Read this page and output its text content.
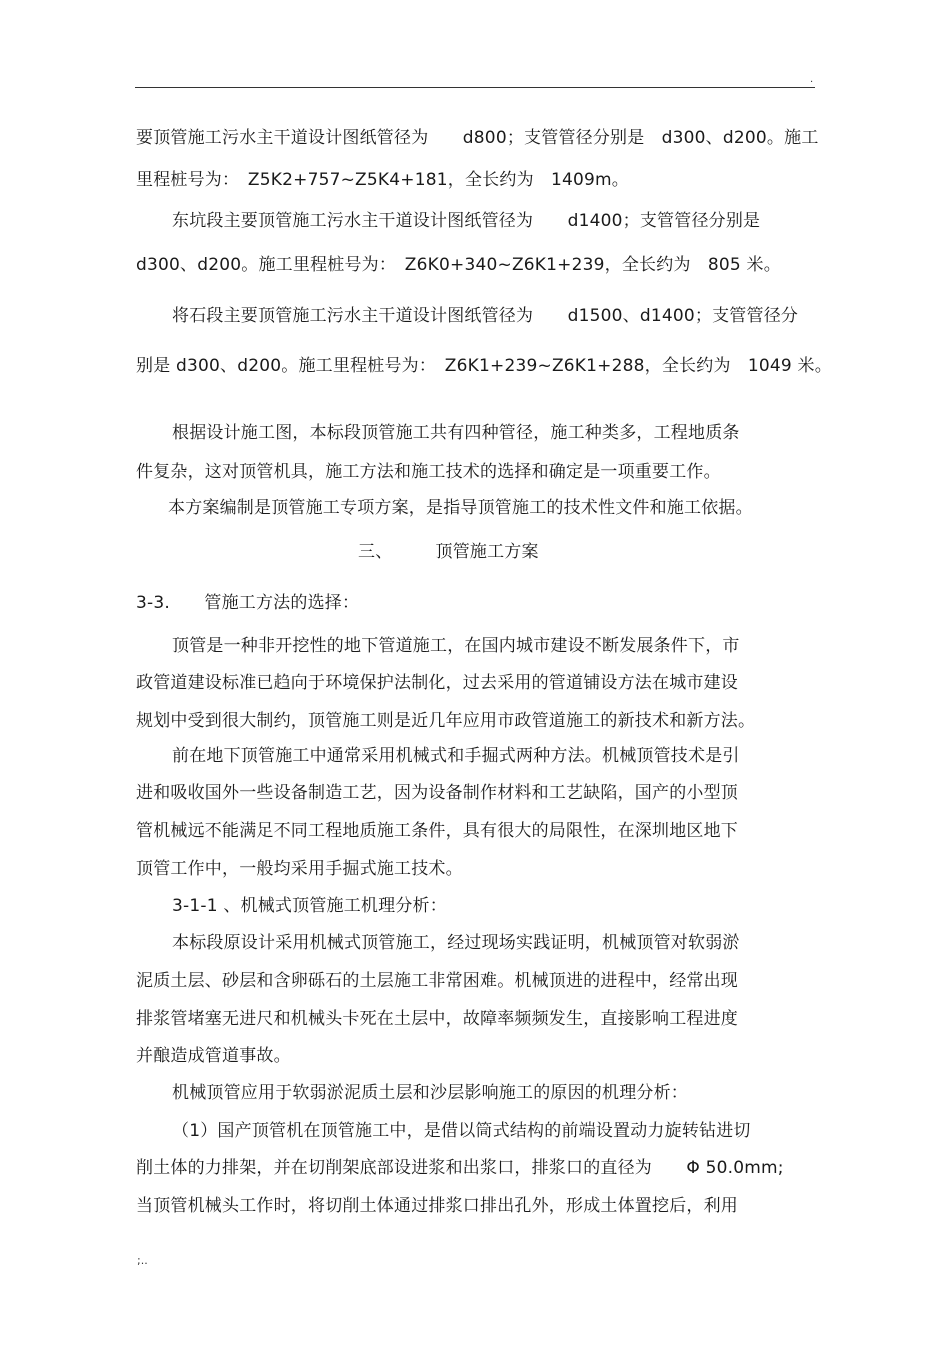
.
要顶管施工污水主干道设计图纸管径为　　d800；支管管径分别是　d300、d200。施工
里程桩号为：　Z5K2+757~Z5K4+181，全长约为　1409m。
东坑段主要顶管施工污水主干道设计图纸管径为　　d1400；支管管径分别是
d300、d200。施工里程桩号为：　Z6K0+340~Z6K1+239，全长约为　805 米。
将石段主要顶管施工污水主干道设计图纸管径为　　d1500、d1400；支管管径分
别是 d300、d200。施工里程桩号为：　Z6K1+239~Z6K1+288，全长约为　1049 米。
根据设计施工图，本标段顶管施工共有四种管径，施工种类多，工程地质条
件复杂，这对顶管机具，施工方法和施工技术的选择和确定是一项重要工作。
本方案编制是顶管施工专项方案，是指导顶管施工的技术性文件和施工依据。
三、　　　顶管施工方案
3-3.　　管施工方法的选择：
顶管是一种非开挖性的地下管道施工，在国内城市建设不断发展条件下，市
政管道建设标准已趋向于环境保护法制化，过去采用的管道铺设方法在城市建设
规划中受到很大制约，顶管施工则是近几年应用市政管道施工的新技术和新方法。
前在地下顶管施工中通常采用机械式和手掘式两种方法。机械顶管技术是引
进和吸收国外一些设备制造工艺，因为设备制作材料和工艺缺陷，国产的小型顶
管机械远不能满足不同工程地质施工条件，具有很大的局限性，在深圳地区地下
顶管工作中，一般均采用手掘式施工技术。
3-1-1 、机械式顶管施工机理分析：
本标段原设计采用机械式顶管施工，经过现场实践证明，机械顶管对软弱淤
泥质土层、砂层和含卵砾石的土层施工非常困难。机械顶进的进程中，经常出现
排浆管堵塞无进尺和机械头卡死在土层中，故障率频频发生，直接影响工程进度
并酿造成管道事故。
机械顶管应用于软弱淤泥质土层和沙层影响施工的原因的机理分析：
（1）国产顶管机在顶管施工中，是借以筒式结构的前端设置动力旋转钻进切
削土体的力排架，并在切削架底部设进浆和出浆口，排浆口的直径为　　Φ 50.0mm;
当顶管机械头工作时，将切削土体通过排浆口排出孔外，形成土体置挖后，利用
;..
